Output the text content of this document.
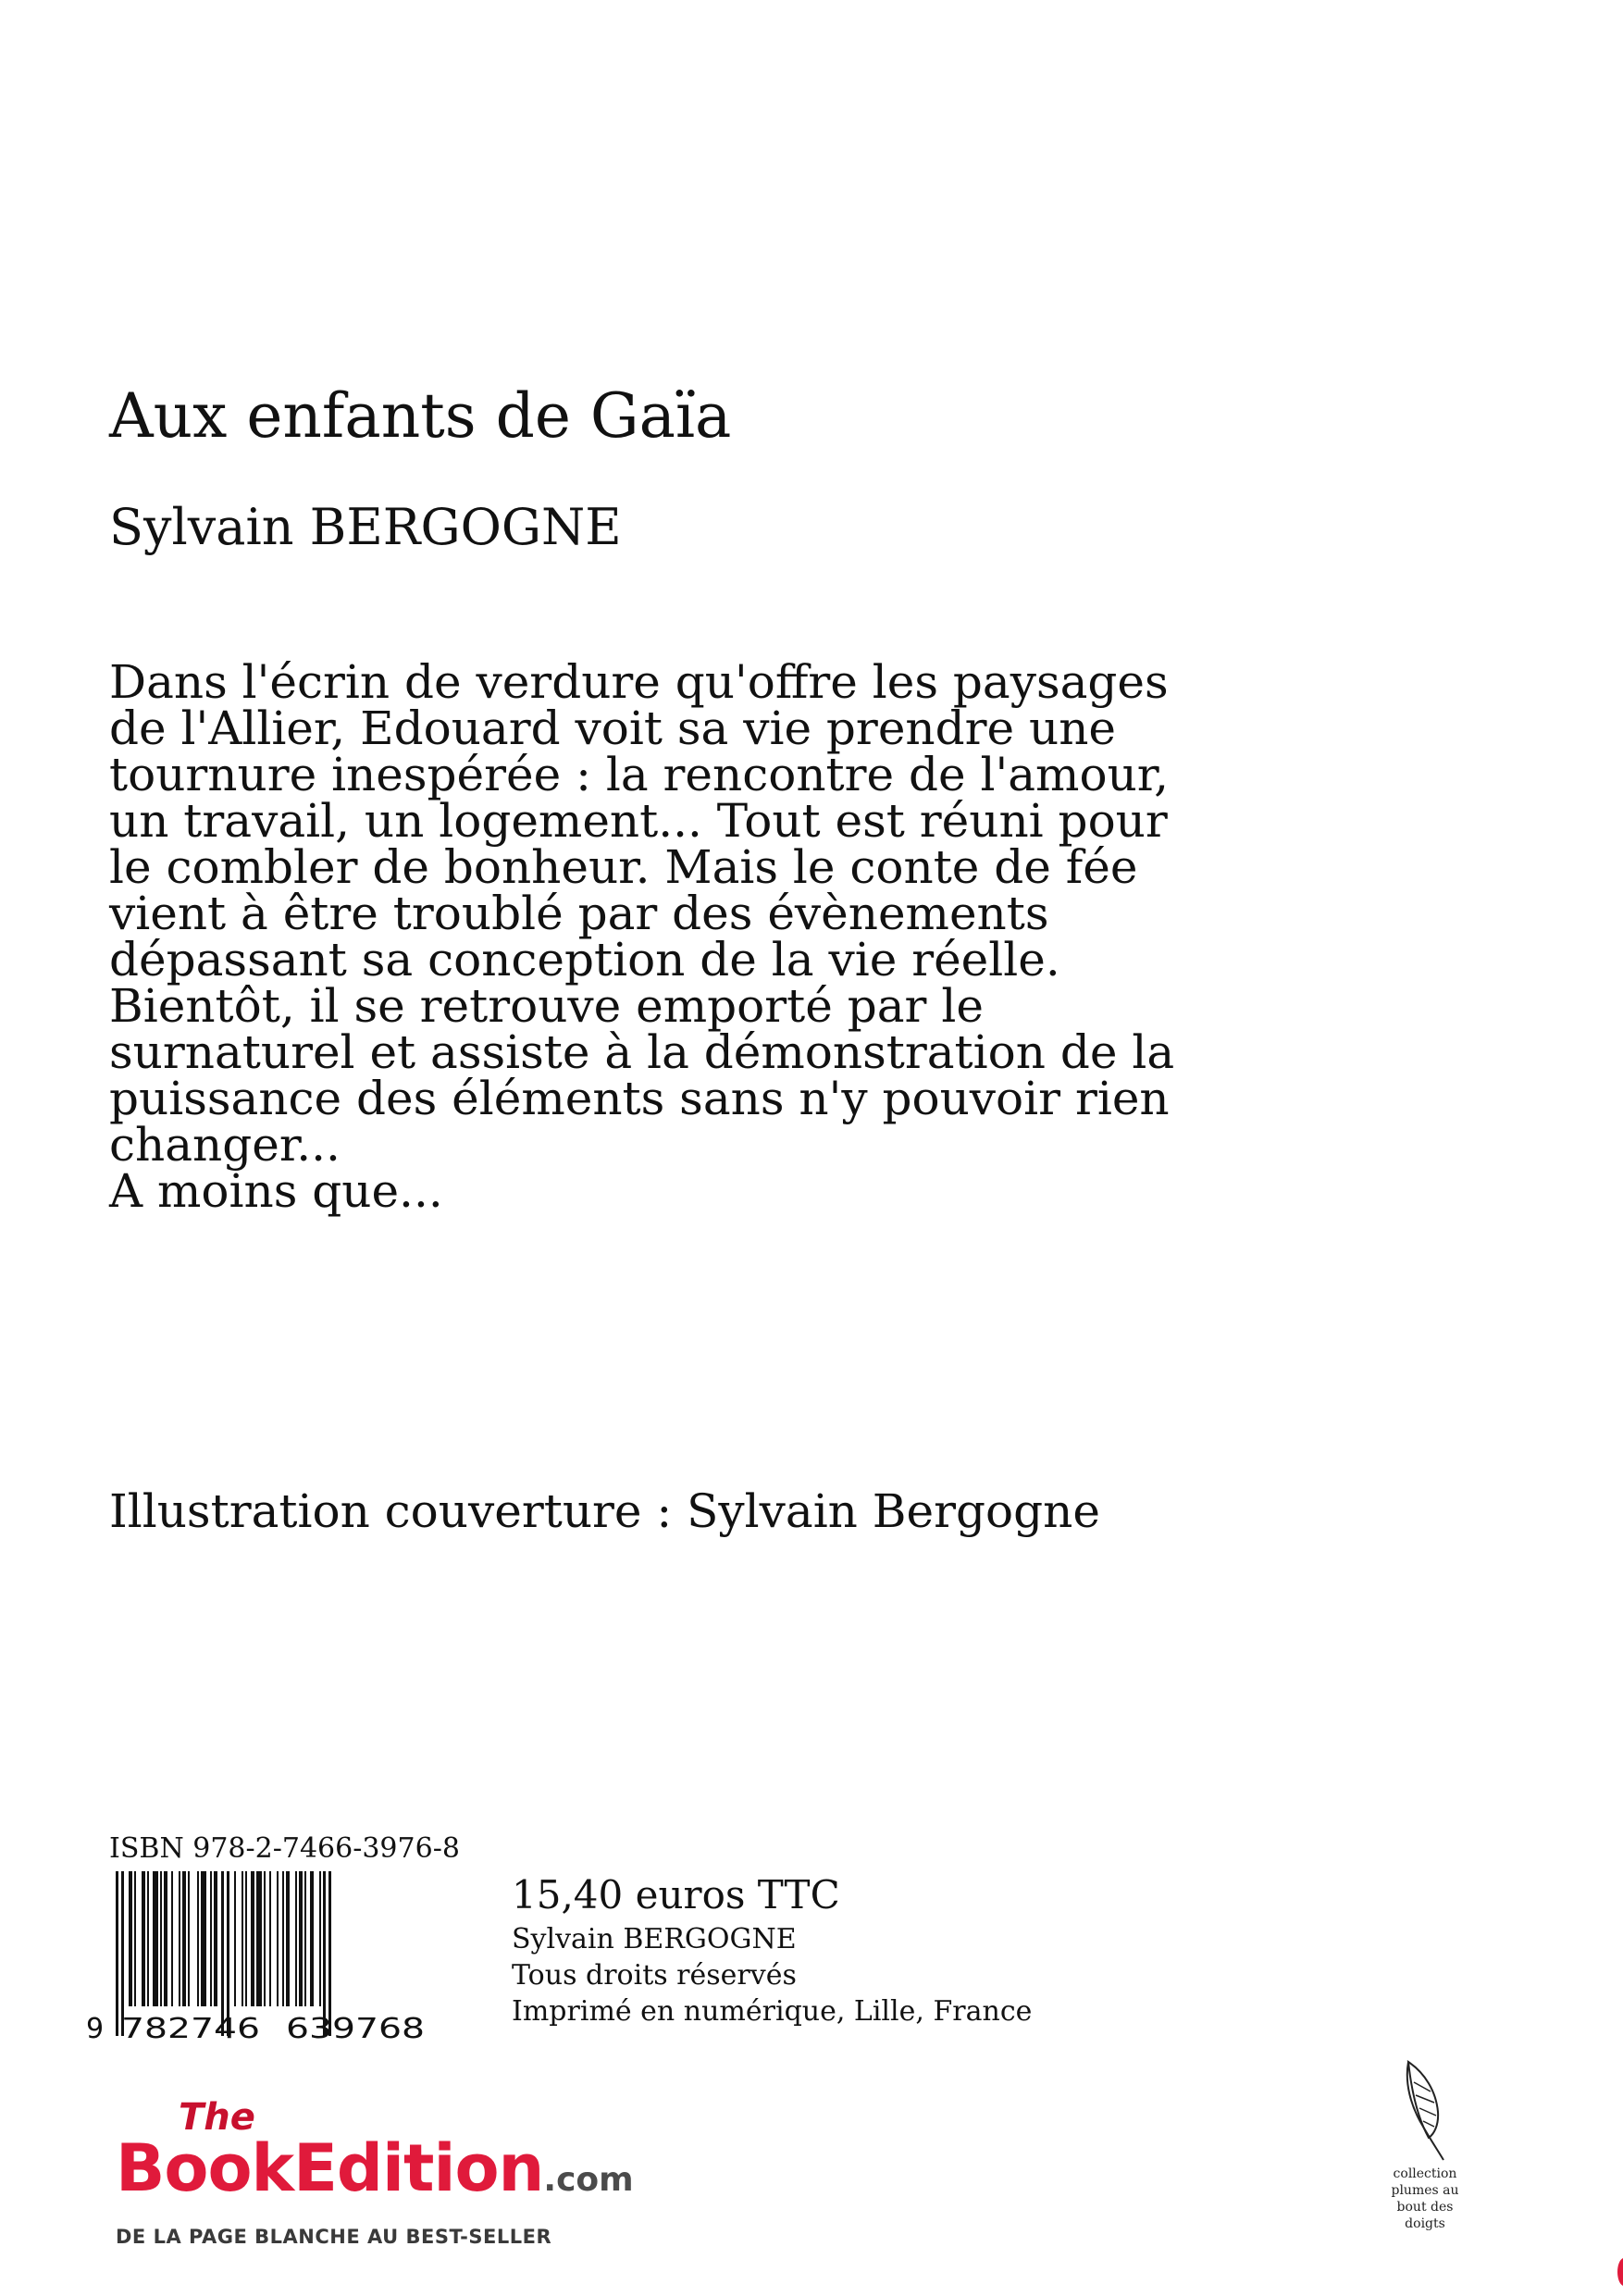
Aux enfants de Gaïa
Sylvain BERGOGNE
Dans l'écrin de verdure qu'offre les paysages
de l'Allier, Edouard voit sa vie prendre une
tournure inespérée : la rencontre de l'amour,
un travail, un logement... Tout est réuni pour
le combler de bonheur. Mais le conte de fée
vient à être troublé par des évènements
dépassant sa conception de la vie réelle.
Bientôt, il se retrouve emporté par le
surnaturel et assiste à la démonstration de la
puissance des éléments sans n'y pouvoir rien
changer...
A moins que...
Illustration couverture : Sylvain Bergogne
ISBN 978-2-7466-3976-8
9 782746 639768
15,40 euros TTC
Sylvain BERGOGNE
Tous droits réservés
Imprimé en numérique, Lille, France
The
BookEdition.com
DE LA PAGE BLANCHE AU BEST-SELLER
collection
plumes au
bout des
doigts
